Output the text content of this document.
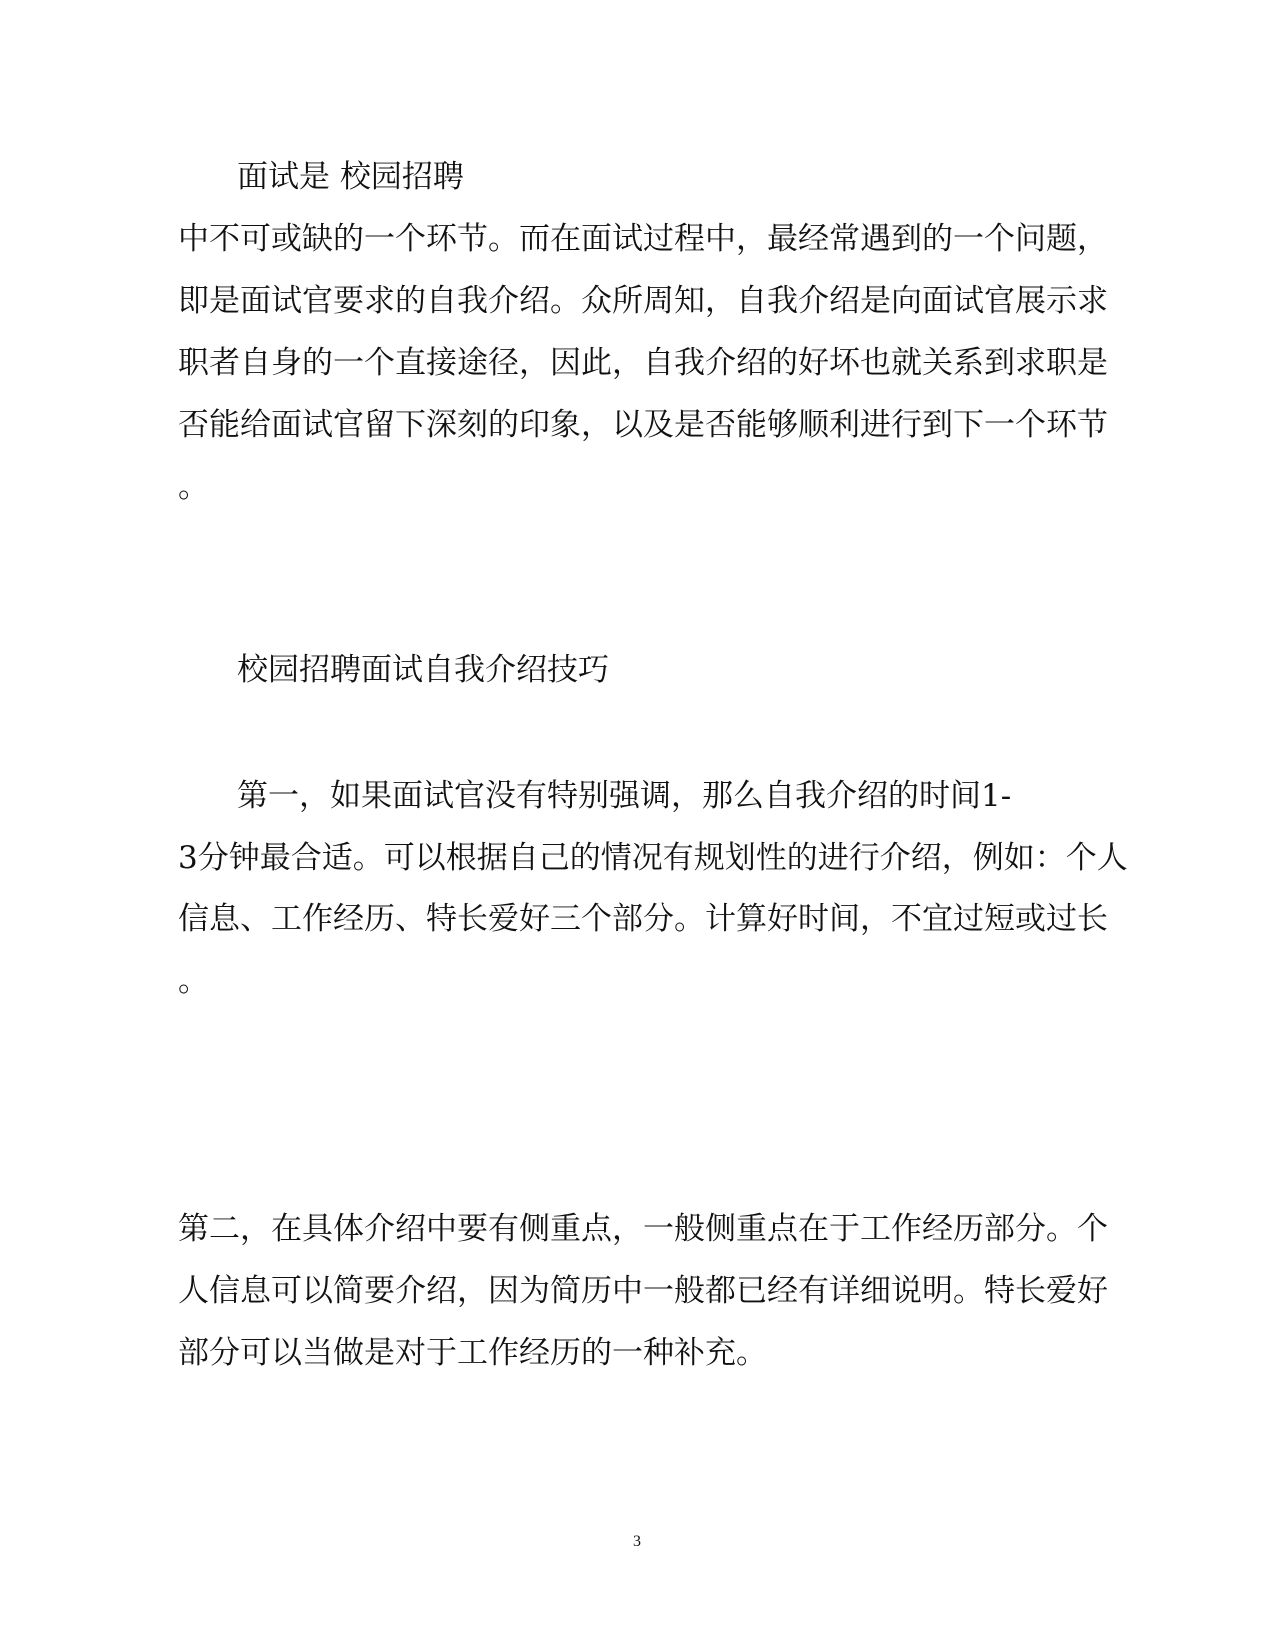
面试是 校园招聘
中不可或缺的一个环节。而在面试过程中，最经常遇到的一个问题，
即是面试官要求的自我介绍。众所周知，自我介绍是向面试官展示求
职者自身的一个直接途径，因此，自我介绍的好坏也就关系到求职是
否能给面试官留下深刻的印象，以及是否能够顺利进行到下一个环节
。
校园招聘面试自我介绍技巧
第一，如果面试官没有特别强调，那么自我介绍的时间1-
3分钟最合适。可以根据自己的情况有规划性的进行介绍，例如：个人
信息、工作经历、特长爱好三个部分。计算好时间，不宜过短或过长
。
第二，在具体介绍中要有侧重点，一般侧重点在于工作经历部分。个
人信息可以简要介绍，因为简历中一般都已经有详细说明。特长爱好
部分可以当做是对于工作经历的一种补充。
3
